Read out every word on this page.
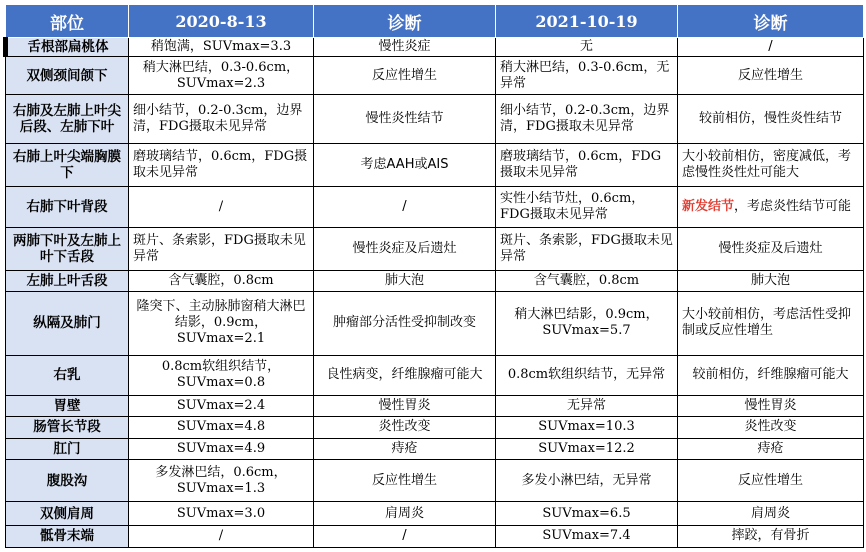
部位	2020-8-13	诊断	2021-10-19	诊断
舌根部扁桃体	稍饱满，SUVmax=3.3	慢性炎症	无	/
双侧颈间颌下	稍大淋巴结，0.3-0.6cm，SUVmax=2.3	反应性增生	稍大淋巴结，0.3-0.6cm，无异常	反应性增生
右肺及左肺上叶尖后段、左肺下叶	细小结节，0.2-0.3cm，边界清，FDG摄取未见异常	慢性炎性结节	细小结节，0.2-0.3cm，边界清，FDG摄取未见异常	较前相仿，慢性炎性结节
右肺上叶尖端胸膜下	磨玻璃结节，0.6cm，FDG摄取未见异常	考虑AAH或AIS	磨玻璃结节，0.6cm，FDG摄取未见异常	大小较前相仿，密度减低，考虑慢性炎性灶可能大
右肺下叶背段	/	/	实性小结节灶，0.6cm，FDG摄取未见异常	新发结节，考虑炎性结节可能
两肺下叶及左肺上叶下舌段	斑片、条索影，FDG摄取未见异常	慢性炎症及后遗灶	斑片、条索影，FDG摄取未见异常	慢性炎症及后遗灶
左肺上叶舌段	含气囊腔，0.8cm	肺大泡	含气囊腔，0.8cm	肺大泡
纵隔及肺门	隆突下、主动脉肺窗稍大淋巴结影，0.9cm，SUVmax=2.1	肿瘤部分活性受抑制改变	稍大淋巴结影，0.9cm，SUVmax=5.7	大小较前相仿，考虑活性受抑制或反应性增生
右乳	0.8cm软组织结节，SUVmax=0.8	良性病变，纤维腺瘤可能大	0.8cm软组织结节，无异常	较前相仿，纤维腺瘤可能大
胃壁	SUVmax=2.4	慢性胃炎	无异常	慢性胃炎
肠管长节段	SUVmax=4.8	炎性改变	SUVmax=10.3	炎性改变
肛门	SUVmax=4.9	痔疮	SUVmax=12.2	痔疮
腹股沟	多发淋巴结，0.6cm，SUVmax=1.3	反应性增生	多发小淋巴结，无异常	反应性增生
双侧肩周	SUVmax=3.0	肩周炎	SUVmax=6.5	肩周炎
骶骨末端	/	/	SUVmax=7.4	摔跤，有骨折
